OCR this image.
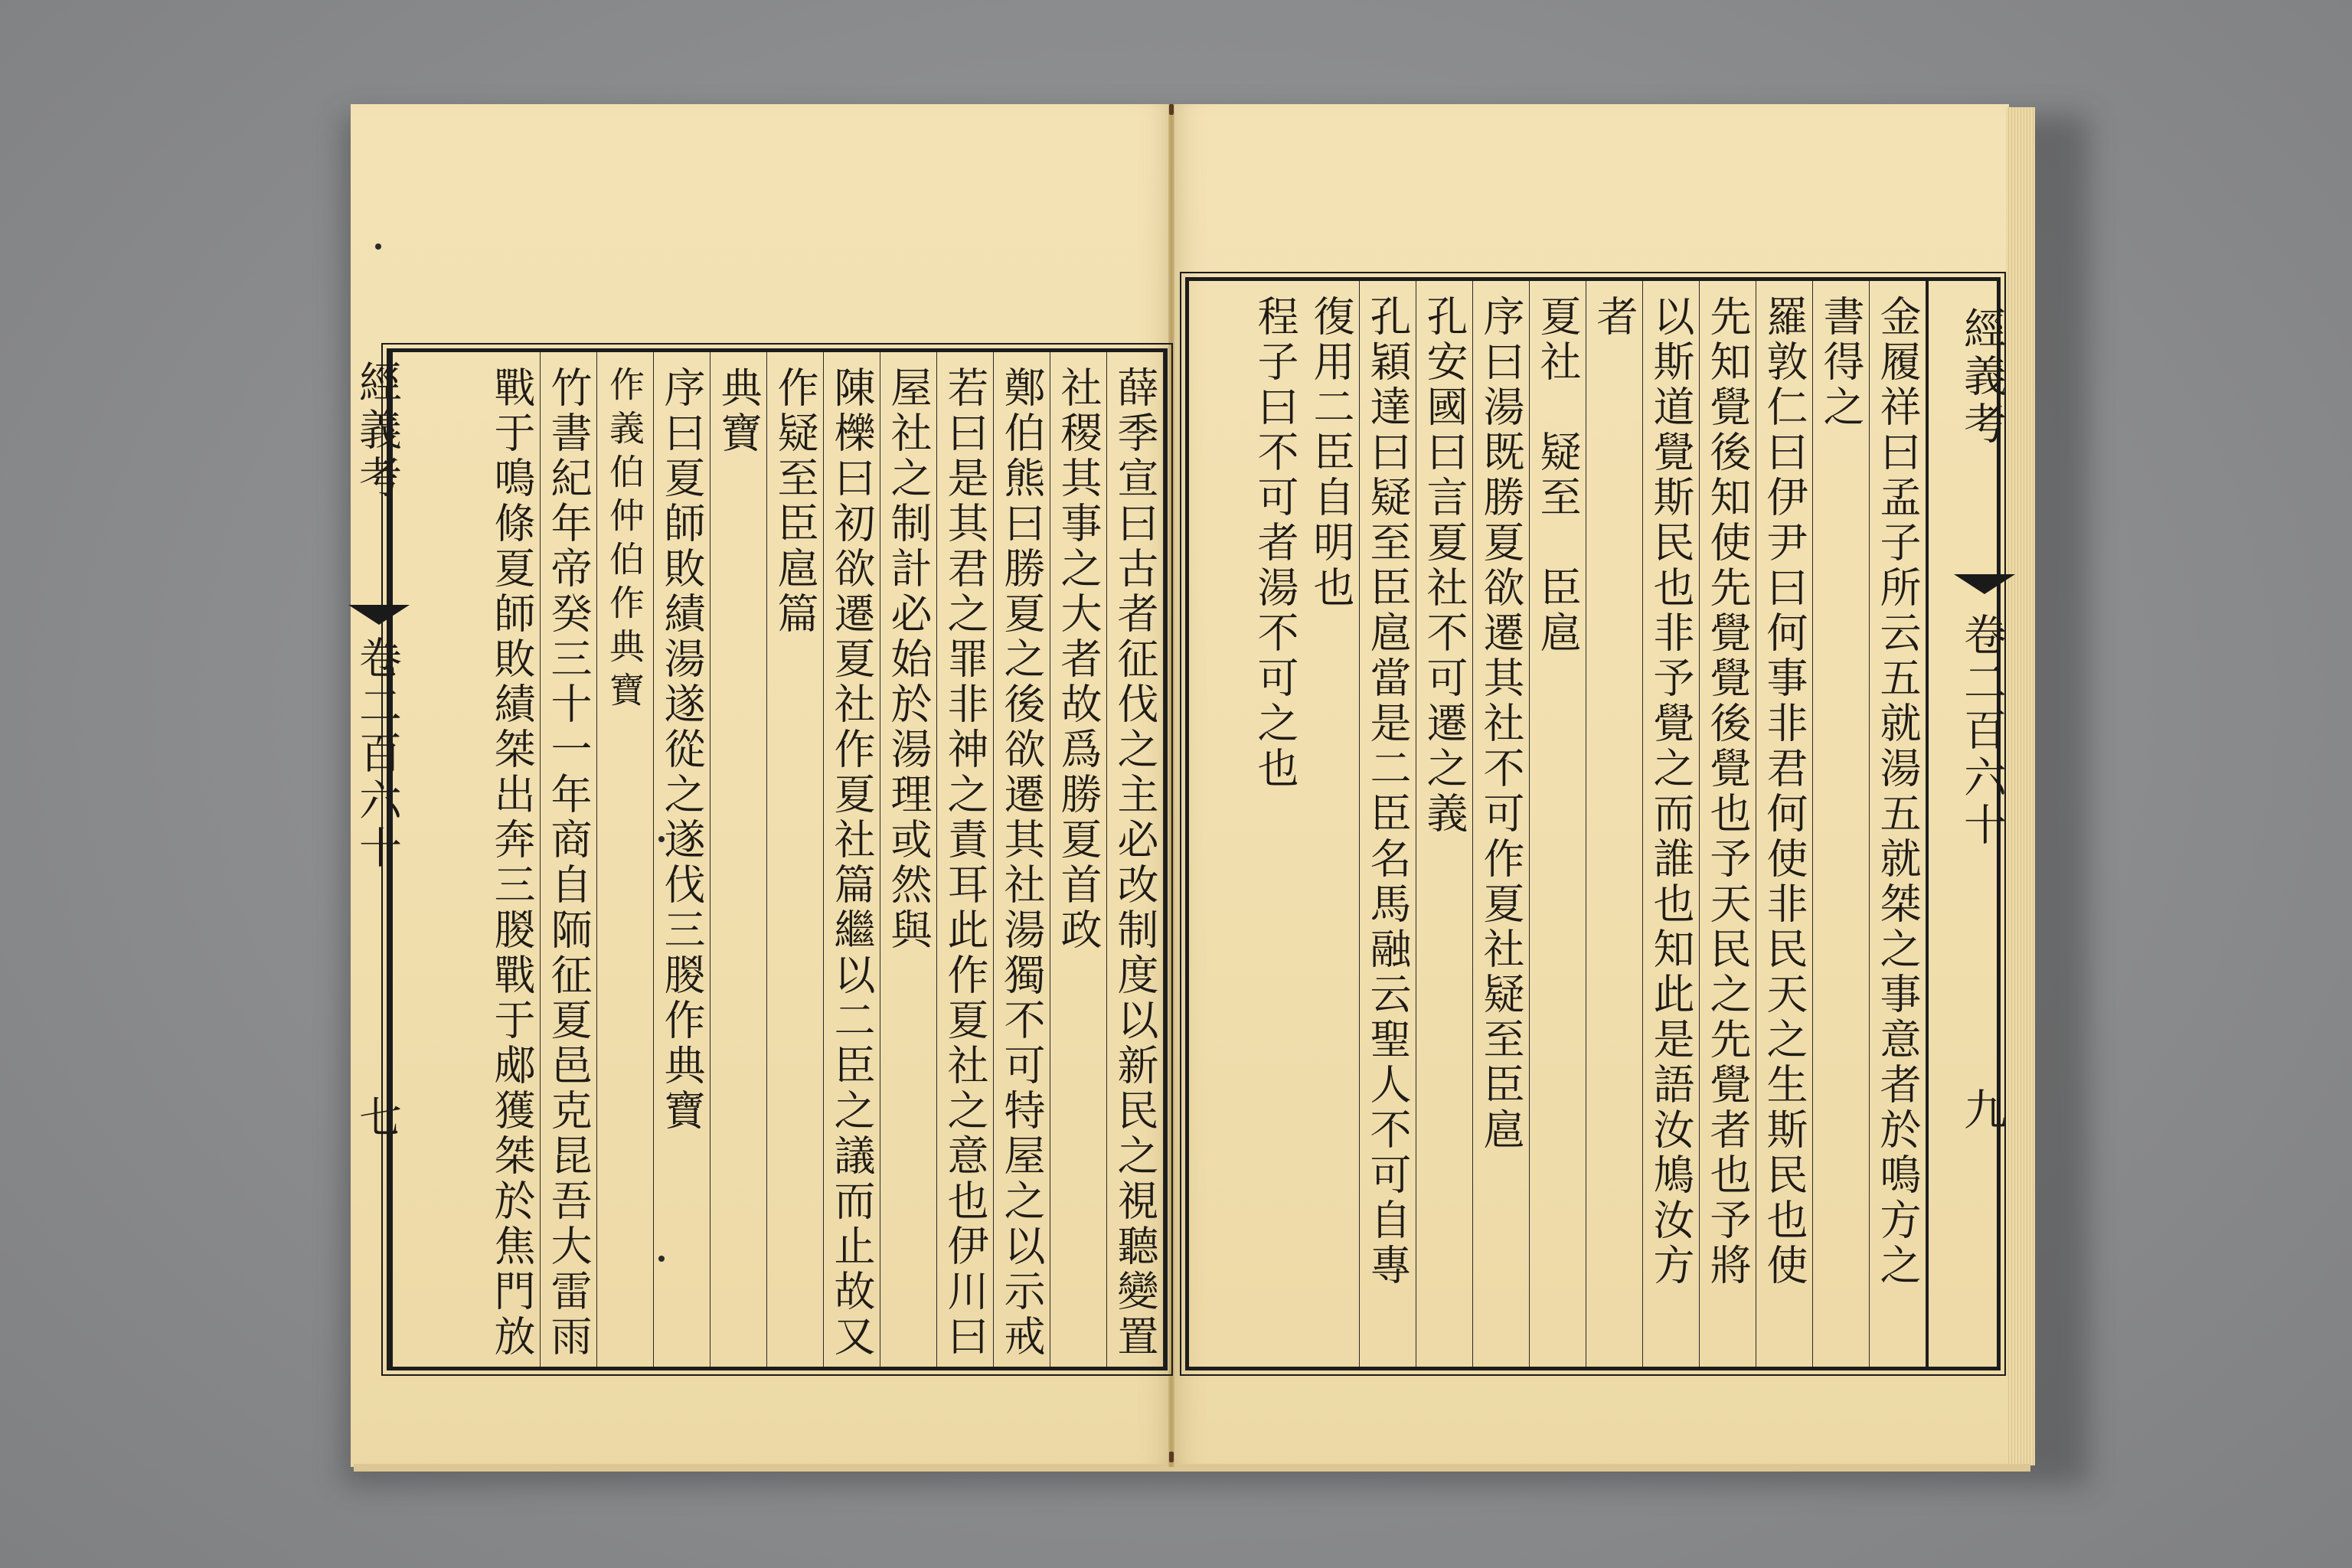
金履祥曰孟子所云五就湯五就桀之事意者於鳴方之
書得之
羅敦仁曰伊尹曰何事非君何使非民天之生斯民也使
先知覺後知使先覺覺後覺也予天民之先覺者也予將
以斯道覺斯民也非予覺之而誰也知此是語汝鳩汝方
者
夏社　疑至　臣扈
序曰湯既勝夏欲遷其社不可作夏社疑至臣扈
孔安國曰言夏社不可遷之義
孔穎達曰疑至臣扈當是二臣名馬融云聖人不可自專
復用二臣自明也
程子曰不可者湯不可之也	經義考
卷二百六十
九
薛季宣曰古者征伐之主必改制度以新民之視聽變置
社稷其事之大者故爲勝夏首政
鄭伯熊曰勝夏之後欲遷其社湯獨不可特屋之以示戒
若曰是其君之罪非神之責耳此作夏社之意也伊川曰
屋社之制計必始於湯理或然與
陳櫟曰初欲遷夏社作夏社篇繼以二臣之議而止故又
作疑至臣扈篇
典寶
序曰夏師敗績湯遂從之遂伐三朡作典寶
作義伯仲伯作典寶
竹書紀年帝癸三十一年商自陑征夏邑克昆吾大雷雨
戰于鳴條夏師敗績桀出奔三朡戰于郕獲桀於焦門放
經義考
卷二百六十
七
